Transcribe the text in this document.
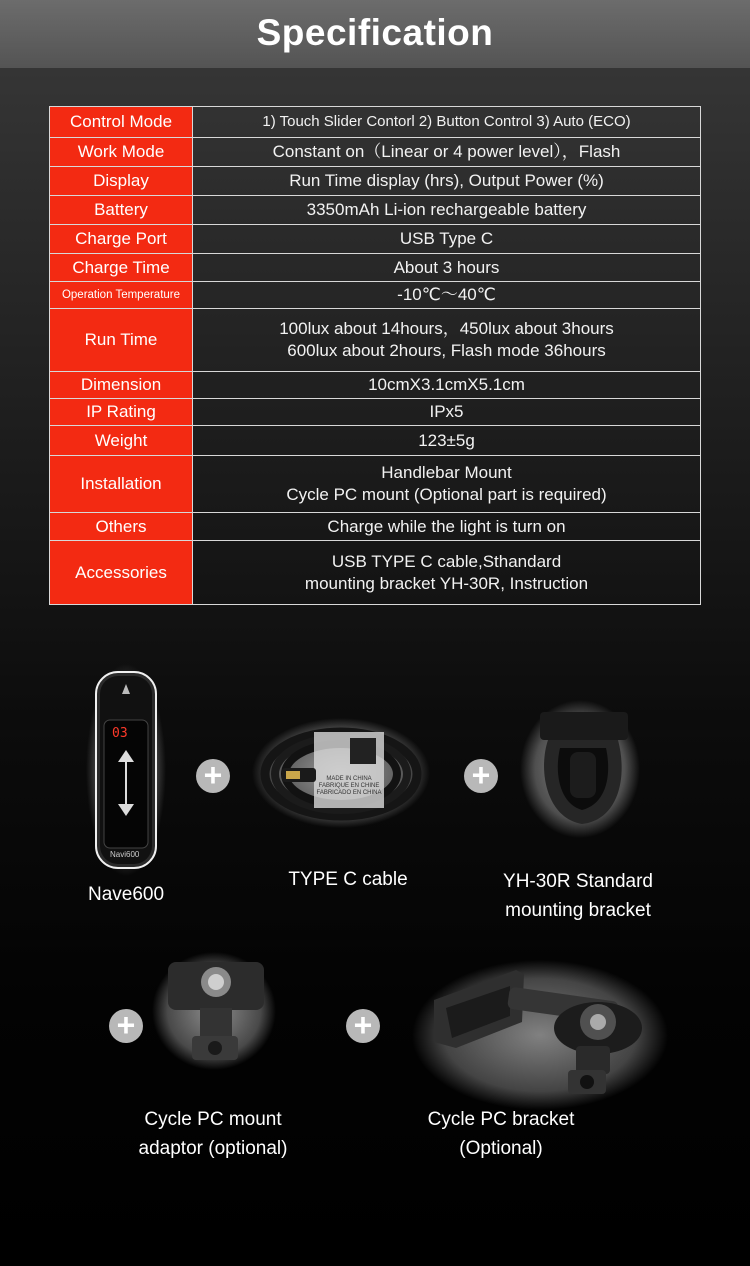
Specification
Control Mode	1) Touch Slider Contorl 2) Button Control 3) Auto (ECO)
Work Mode	Constant on（Linear or 4 power level），Flash
Display	Run Time display (hrs), Output Power (%)
Battery	3350mAh Li-ion rechargeable battery
Charge Port	USB Type C
Charge Time	About 3 hours
Operation Temperature	-10℃～40℃
Run Time	100lux about 14hours，450lux about 3hours
600lux about 2hours, Flash mode 36hours

Dimension	10cmX3.1cmX5.1cm
IP Rating	IPx5
Weight	123±5g
Installation	Handlebar Mount
Cycle PC mount (Optional part is required)

Others	Charge while the light is turn on
Accessories	USB TYPE C cable,Sthandard
mounting bracket YH-30R, Instruction
03
Navi600
Nave600
+	MADE IN CHINA
FABRIQUE EN CHINE
FABRICADO EN CHINA
TYPE C cable
+
YH-30R Standard
mounting bracket
+
Cycle PC mount
adaptor (optional)
+
Cycle PC bracket
(Optional)
